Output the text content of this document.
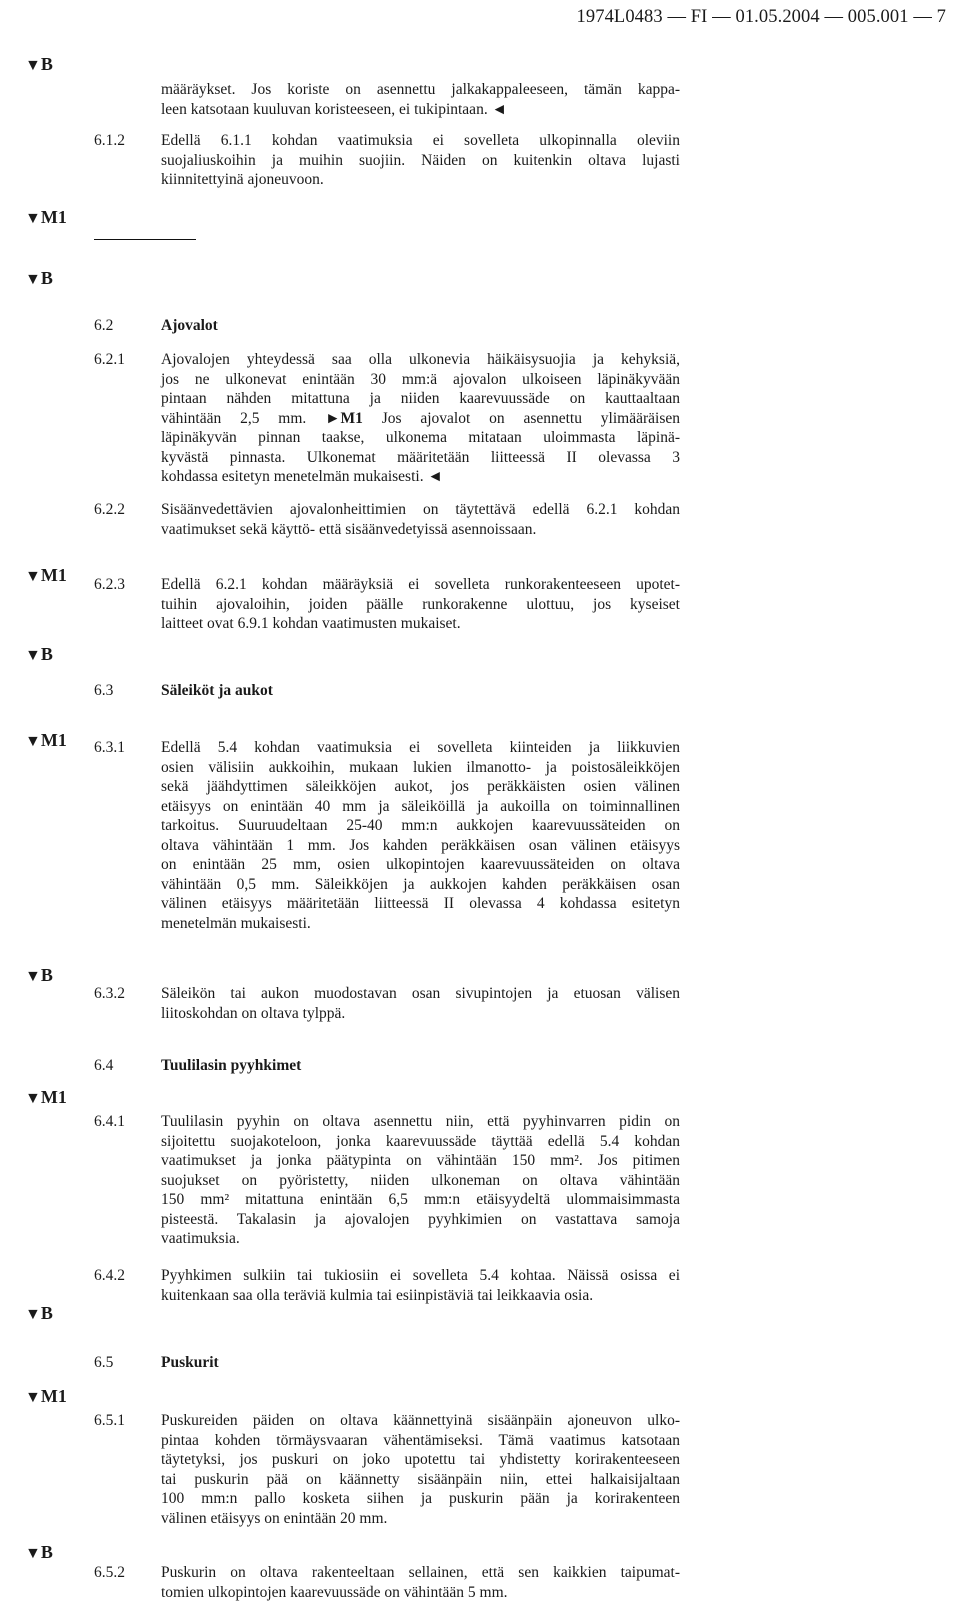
1974L0483 — FI — 01.05.2004 — 005.001 — 7
▼B
▼M1
▼B
▼M1
▼B
▼M1
▼B
▼M1
▼B
▼M1
▼B
määräykset. Jos koriste on asennettu jalkakappaleeseen, tämän kappa-
leen katsotaan kuuluvan koristeeseen, ei tukipintaan. ◄
6.1.2 Edellä 6.1.1 kohdan vaatimuksia ei sovelleta ulkopinnalla oleviin
suojaliuskoihin ja muihin suojiin. Näiden on kuitenkin oltava lujasti
kiinnitettyinä ajoneuvoon.
6.2	Ajovalot
6.2.1 Ajovalojen yhteydessä saa olla ulkonevia häikäisysuojia ja kehyksiä,
jos ne ulkonevat enintään 30 mm:ä ajovalon ulkoiseen läpinäkyvään
pintaan nähden mitattuna ja niiden kaarevuussäde on kauttaaltaan
vähintään 2,5 mm. ►M1 Jos ajovalot on asennettu ylimääräisen
läpinäkyvän pinnan taakse, ulkonema mitataan uloimmasta läpinä-
kyvästä pinnasta. Ulkonemat määritetään liitteessä II olevassa 3
kohdassa esitetyn menetelmän mukaisesti. ◄
6.2.2 Sisäänvedettävien ajovalonheittimien on täytettävä edellä 6.2.1 kohdan
vaatimukset sekä käyttö- että sisäänvedetyissä asennoissaan.
6.2.3 Edellä 6.2.1 kohdan määräyksiä ei sovelleta runkorakenteeseen upotet-
tuihin ajovaloihin, joiden päälle runkorakenne ulottuu, jos kyseiset
laitteet ovat 6.9.1 kohdan vaatimusten mukaiset.
6.3	Säleiköt ja aukot
6.3.1 Edellä 5.4 kohdan vaatimuksia ei sovelleta kiinteiden ja liikkuvien
osien välisiin aukkoihin, mukaan lukien ilmanotto- ja poistosäleikköjen
sekä jäähdyttimen säleikköjen aukot, jos peräkkäisten osien välinen
etäisyys on enintään 40 mm ja säleiköillä ja aukoilla on toiminnallinen
tarkoitus. Suuruudeltaan 25-40 mm:n aukkojen kaarevuussäteiden on
oltava vähintään 1 mm. Jos kahden peräkkäisen osan välinen etäisyys
on enintään 25 mm, osien ulkopintojen kaarevuussäteiden on oltava
vähintään 0,5 mm. Säleikköjen ja aukkojen kahden peräkkäisen osan
välinen etäisyys määritetään liitteessä II olevassa 4 kohdassa esitetyn
menetelmän mukaisesti.
6.3.2 Säleikön tai aukon muodostavan osan sivupintojen ja etuosan välisen
liitoskohdan on oltava tylppä.
6.4	Tuulilasin pyyhkimet
6.4.1 Tuulilasin pyyhin on oltava asennettu niin, että pyyhinvarren pidin on
sijoitettu suojakoteloon, jonka kaarevuussäde täyttää edellä 5.4 kohdan
vaatimukset ja jonka päätypinta on vähintään 150 mm². Jos pitimen
suojukset on pyöristetty, niiden ulkoneman on oltava vähintään
150 mm² mitattuna enintään 6,5 mm:n etäisyydeltä ulommaisimmasta
pisteestä. Takalasin ja ajovalojen pyyhkimien on vastattava samoja
vaatimuksia.
6.4.2 Pyyhkimen sulkiin tai tukiosiin ei sovelleta 5.4 kohtaa. Näissä osissa ei
kuitenkaan saa olla teräviä kulmia tai esiinpistäviä tai leikkaavia osia.
6.5	Puskurit
6.5.1 Puskureiden päiden on oltava käännettyinä sisäänpäin ajoneuvon ulko-
pintaa kohden törmäysvaaran vähentämiseksi. Tämä vaatimus katsotaan
täytetyksi, jos puskuri on joko upotettu tai yhdistetty korirakenteeseen
tai puskurin pää on käännetty sisäänpäin niin, ettei halkaisijaltaan
100 mm:n pallo kosketa siihen ja puskurin pään ja korirakenteen
välinen etäisyys on enintään 20 mm.
6.5.2 Puskurin on oltava rakenteeltaan sellainen, että sen kaikkien taipumat-
tomien ulkopintojen kaarevuussäde on vähintään 5 mm.
